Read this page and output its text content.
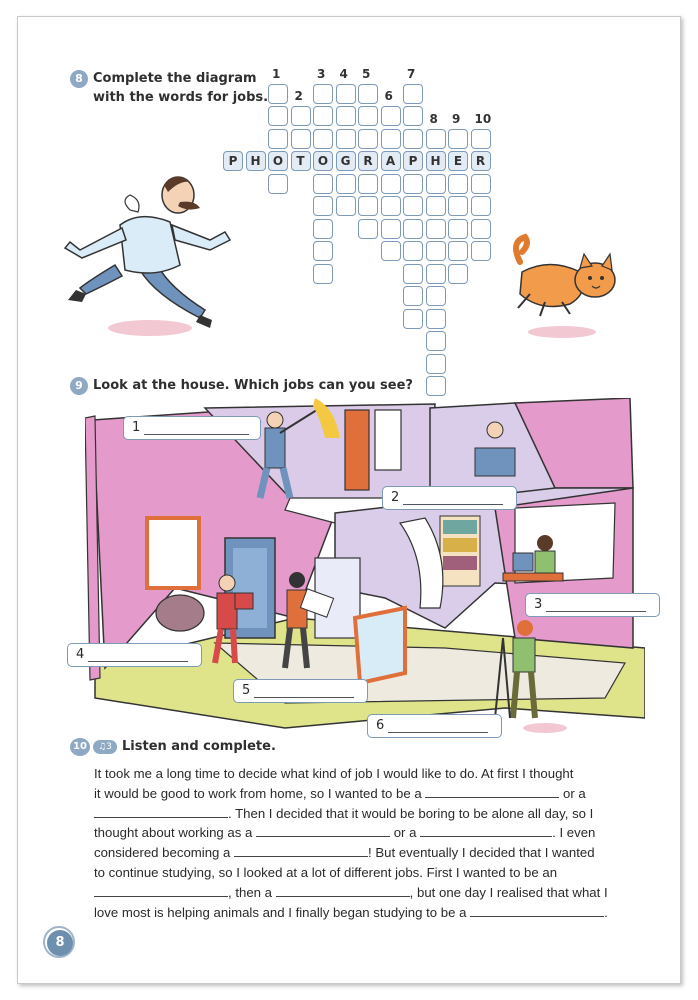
8 Complete the diagram
with the words for jobs.
P	H	O	T	O	G	R	A	P	H	E	R
1
2
3 4 5
6
7
8 9 10
9 Look at the house. Which jobs can you see?
1
2
3
4
5
6
10	♫3 Listen and complete.
It took me a long time to decide what kind of job I would like to do. At first I thought
it would be good to work from home, so I wanted to be a	or a
. Then I decided that it would be boring to be alone all day, so I
thought about working as a	or a	. I even
considered becoming a	! But eventually I decided that I wanted
to continue studying, so I looked at a lot of different jobs. First I wanted to be an
, then a	, but one day I realised that what I
love most is helping animals and I finally began studying to be a	.
8
